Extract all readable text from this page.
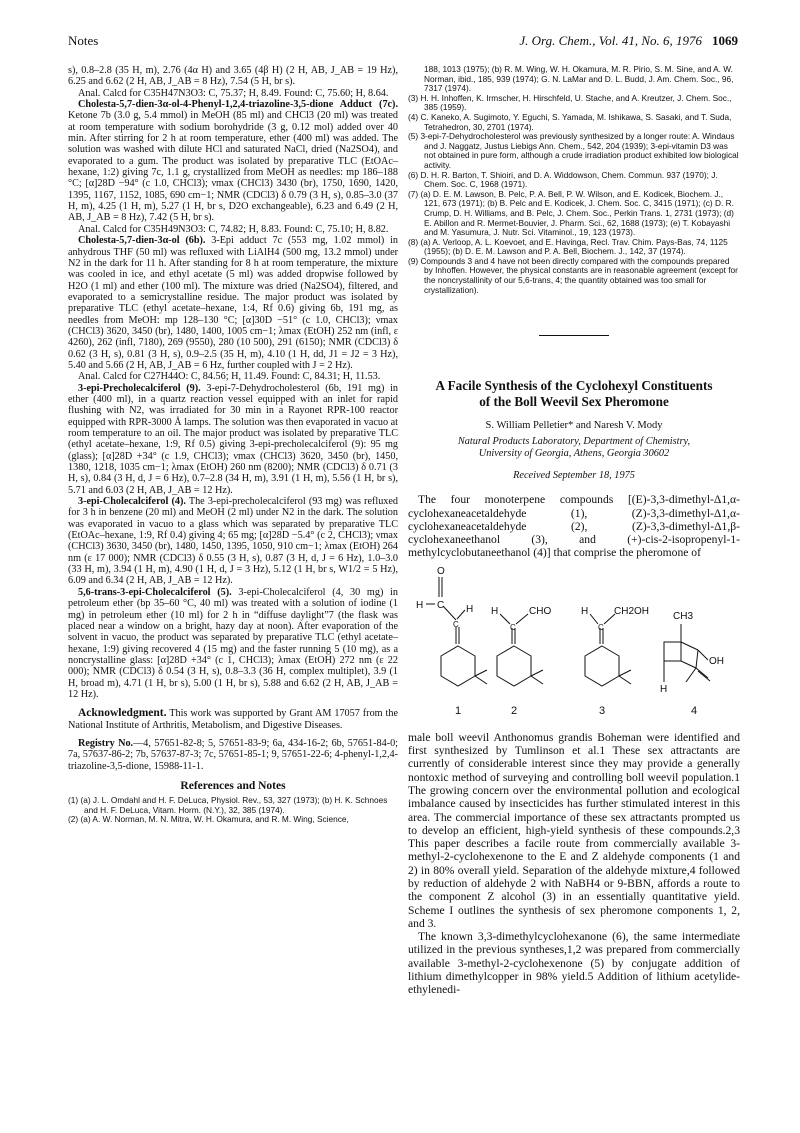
Notes	J. Org. Chem., Vol. 41, No. 6, 1976 1069

s), 0.8–2.8 (35 H, m), 2.76 (4α H) and 3.65 (4β H) (2 H, AB, J_AB = 19 Hz), 6.25 and 6.62 (2 H, AB, J_AB = 8 Hz), 7.54 (5 H, br s).

Anal. Calcd for C35H47N3O3: C, 75.37; H, 8.49. Found: C, 75.60; H, 8.64.

Cholesta-5,7-dien-3α-ol-4-Phenyl-1,2,4-triazoline-3,5-dione Adduct (7c). Ketone 7b (3.0 g, 5.4 mmol) in MeOH (85 ml) and CHCl3 (20 ml) was treated at room temperature with sodium borohydride (3 g, 0.12 mol) added over 40 min. After stirring for 2 h at room temperature, ether (400 ml) was added. The solution was washed with dilute HCl and saturated NaCl, dried (Na2SO4), and evaporated to a gum. The product was isolated by preparative TLC (EtOAc–hexane, 1:2) giving 7c, 1.1 g, crystallized from MeOH as needles: mp 186–188 °C; [α]28D −94° (c 1.0, CHCl3); νmax (CHCl3) 3430 (br), 1750, 1690, 1420, 1395, 1167, 1152, 1085, 690 cm−1; NMR (CDCl3) δ 0.79 (3 H, s), 0.85–3.0 (37 H, m), 4.25 (1 H, m), 5.27 (1 H, br s, D2O exchangeable), 6.23 and 6.49 (2 H, AB, J_AB = 8 Hz), 7.42 (5 H, br s).

Anal. Calcd for C35H49N3O3: C, 74.82; H, 8.83. Found: C, 75.10; H, 8.82.

Cholesta-5,7-dien-3α-ol (6b). 3-Epi adduct 7c (553 mg, 1.02 mmol) in anhydrous THF (50 ml) was refluxed with LiAlH4 (500 mg, 13.2 mmol) under N2 in the dark for 11 h. After standing for 8 h at room temperature, the mixture was cooled in ice, and ethyl acetate (5 ml) was added dropwise followed by H2O (1 ml) and ether (100 ml). The mixture was dried (Na2SO4), filtered, and evaporated to a semicrystalline residue. The major product was isolated by preparative TLC (ethyl acetate–hexane, 1:4, Rf 0.6) giving 6b, 191 mg, as needles from MeOH: mp 128–130 °C; [α]30D −51° (c 1.0, CHCl3); νmax (CHCl3) 3620, 3450 (br), 1480, 1400, 1005 cm−1; λmax (EtOH) 252 nm (infl, ε 4260), 262 (infl, 7180), 269 (9550), 280 (10 500), 291 (6150); NMR (CDCl3) δ 0.62 (3 H, s), 0.81 (3 H, s), 0.9–2.5 (35 H, m), 4.10 (1 H, dd, J1 = J2 = 3 Hz), 5.40 and 5.66 (2 H, AB, J_AB = 6 Hz, further coupled with J = 2 Hz).

Anal. Calcd for C27H44O: C, 84.56; H, 11.49. Found: C, 84.31; H, 11.53.

3-epi-Precholecalciferol (9). 3-epi-7-Dehydrocholesterol (6b, 191 mg) in ether (400 ml), in a quartz reaction vessel equipped with an inlet for rapid flushing with N2, was irradiated for 30 min in a Rayonet RPR-100 reactor equipped with RPR-3000 Å lamps. The solution was then evaporated in vacuo at room temperature to an oil. The major product was isolated by preparative TLC (ethyl acetate–hexane, 1:9, Rf 0.5) giving 3-epi-precholecalciferol (9): 95 mg (glass); [α]28D +34° (c 1.9, CHCl3); νmax (CHCl3) 3620, 3450 (br), 1450, 1380, 1218, 1035 cm−1; λmax (EtOH) 260 nm (8200); NMR (CDCl3) δ 0.71 (3 H, s), 0.84 (3 H, d, J = 6 Hz), 0.7–2.8 (34 H, m), 3.91 (1 H, m), 5.56 (1 H, br s), 5.71 and 6.03 (2 H, AB, J_AB = 12 Hz).

3-epi-Cholecalciferol (4). The 3-epi-precholecalciferol (93 mg) was refluxed for 3 h in benzene (20 ml) and MeOH (2 ml) under N2 in the dark. The solution was evaporated in vacuo to a glass which was separated by preparative TLC (EtOAc–hexane, 1:9, Rf 0.4) giving 4; 65 mg; [α]28D −5.4° (c 2, CHCl3); νmax (CHCl3) 3630, 3450 (br), 1480, 1450, 1395, 1050, 910 cm−1; λmax (EtOH) 264 nm (ε 17 000); NMR (CDCl3) δ 0.55 (3 H, s), 0.87 (3 H, d, J = 6 Hz), 1.0–3.0 (33 H, m), 3.94 (1 H, m), 4.90 (1 H, d, J = 3 Hz), 5.12 (1 H, br s, W1/2 = 5 Hz), 6.09 and 6.34 (2 H, AB, J_AB = 12 Hz).

5,6-trans-3-epi-Cholecalciferol (5). 3-epi-Cholecalciferol (4, 30 mg) in petroleum ether (bp 35–60 °C, 40 ml) was treated with a solution of iodine (1 mg) in petroleum ether (10 ml) for 2 h in “diffuse daylight”7 (the flask was placed near a window on a bright, hazy day at noon). After evaporation of the solvent in vacuo, the product was separated by preparative TLC (ethyl acetate–hexane, 1:9) giving recovered 4 (15 mg) and the faster running 5 (10 mg), as a noncrystalline glass: [α]28D +34° (c 1, CHCl3); λmax (EtOH) 272 nm (ε 22 000); NMR (CDCl3) δ 0.54 (3 H, s), 0.8–3.3 (36 H, complex multiplet), 3.9 (1 H, broad m), 4.71 (1 H, br s), 5.00 (1 H, br s), 5.88 and 6.62 (2 H, AB, J_AB = 12 Hz).

Acknowledgment. This work was supported by Grant AM 17057 from the National Institute of Arthritis, Metabolism, and Digestive Diseases.

Registry No.—4, 57651-82-8; 5, 57651-83-9; 6a, 434-16-2; 6b, 57651-84-0; 7a, 57637-86-2; 7b, 57637-87-3; 7c, 57651-85-1; 9, 57651-22-6; 4-phenyl-1,2,4-triazoline-3,5-dione, 15988-11-1.

References and Notes
(1) (a) J. L. Omdahl and H. F. DeLuca, Physiol. Rev., 53, 327 (1973); (b) H. K. Schnoes and H. F. DeLuca, Vitam. Horm. (N.Y.), 32, 385 (1974).
(2) (a) A. W. Norman, M. N. Mitra, W. H. Okamura, and R. M. Wing, Science,
188, 1013 (1975); (b) R. M. Wing, W. H. Okamura, M. R. Pirio, S. M. Sine, and A. W. Norman, ibid., 185, 939 (1974); G. N. LaMar and D. L. Budd, J. Am. Chem. Soc., 96, 7317 (1974).
(3) H. H. Inhoffen, K. Irmscher, H. Hirschfeld, U. Stache, and A. Kreutzer, J. Chem. Soc., 385 (1959).
(4) C. Kaneko, A. Sugimoto, Y. Eguchi, S. Yamada, M. Ishikawa, S. Sasaki, and T. Suda, Tetrahedron, 30, 2701 (1974).
(5) 3-epi-7-Dehydrocholesterol was previously synthesized by a longer route: A. Windaus and J. Naggatz, Justus Liebigs Ann. Chem., 542, 204 (1939); 3-epi-vitamin D3 was not obtained in pure form, although a crude irradiation product exhibited low biological activity.
(6) D. H. R. Barton, T. Shioiri, and D. A. Widdowson, Chem. Commun. 937 (1970); J. Chem. Soc. C, 1968 (1971).
(7) (a) D. E. M. Lawson, B. Pelc, P. A. Bell, P. W. Wilson, and E. Kodicek, Biochem. J., 121, 673 (1971); (b) B. Pelc and E. Kodicek, J. Chem. Soc. C, 3415 (1971); (c) D. R. Crump, D. H. Williams, and B. Pelc, J. Chem. Soc., Perkin Trans. 1, 2731 (1973); (d) E. Abillon and R. Mermet-Bouvier, J. Pharm. Sci., 62, 1688 (1973); (e) T. Kobayashi and M. Yasumura, J. Nutr. Sci. Vitaminol., 19, 123 (1973).
(8) (a) A. Verloop, A. L. Koevoet, and E. Havinga, Recl. Trav. Chim. Pays-Bas, 74, 1125 (1955); (b) D. E. M. Lawson and P. A. Bell, Biochem. J., 142, 37 (1974).
(9) Compounds 3 and 4 have not been directly compared with the compounds prepared by Inhoffen. However, the physical constants are in reasonable agreement (except for the noncrystallinity of our 5,6-trans, 4; the quantity obtained was too small for crystallization).
A Facile Synthesis of the Cyclohexyl Constituents
of the Boll Weevil Sex Pheromone
S. William Pelletier* and Naresh V. Mody
Natural Products Laboratory, Department of Chemistry,
University of Georgia, Athens, Georgia 30602
Received September 18, 1975

The four monoterpene compounds [(E)-3,3-dimethyl-Δ1,α-cyclohexaneacetaldehyde (1), (Z)-3,3-dimethyl-Δ1,α-cyclohexaneacetaldehyde (2), (Z)-3,3-dimethyl-Δ1,β-cyclohexaneethanol (3), and (+)-cis-2-isopropenyl-1-methylcyclobutaneethanol (4)] that comprise the pheromone of

O
H C H
C
1
H	CHO
C
2
H	CH2OH
C
3
CH3
OH
H
4

male boll weevil Anthonomus grandis Boheman were identified and first synthesized by Tumlinson et al.1 These sex attractants are currently of considerable interest since they may provide a generally nontoxic method of surveying and controlling boll weevil population.1 The growing concern over the environmental pollution and ecological imbalance caused by insecticides has further stimulated interest in this area. The commercial importance of these sex attractants prompted us to develop an efficient, high-yield synthesis of these compounds.2,3 This paper describes a facile route from commercially available 3-methyl-2-cyclohexenone to the E and Z aldehyde components (1 and 2) in 80% overall yield. Separation of the aldehyde mixture,4 followed by reduction of aldehyde 2 with NaBH4 or 9-BBN, affords a route to the component Z alcohol (3) in an essentially quantitative yield. Scheme I outlines the synthesis of sex pheromone components 1, 2, and 3.

The known 3,3-dimethylcyclohexanone (6), the same intermediate utilized in the previous syntheses,1,2 was prepared from commercially available 3-methyl-2-cyclohexenone (5) by conjugate addition of lithium dimethylcopper in 98% yield.5 Addition of lithium acetylide-ethylenedi-
